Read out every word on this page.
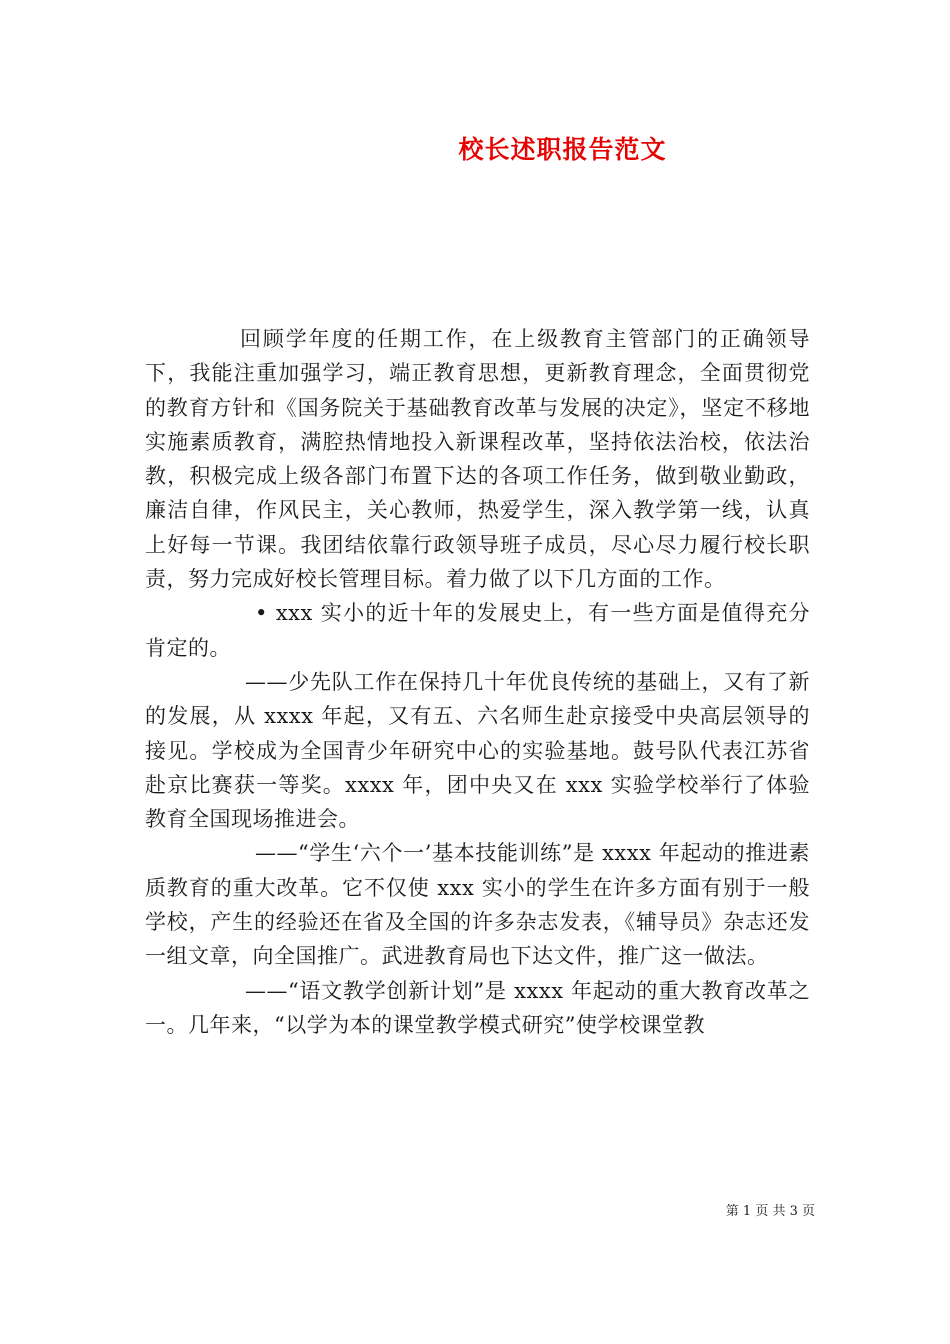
校长述职报告范文

回顾学年度的任期工作，在上级教育主管部门的正确领导下，我能注重加强学习，端正教育思想，更新教育理念，全面贯彻党的教育方针和《国务院关于基础教育改革与发展的决定》，坚定不移地实施素质教育，满腔热情地投入新课程改革，坚持依法治校，依法治教，积极完成上级各部门布置下达的各项工作任务，做到敬业勤政，廉洁自律，作风民主，关心教师，热爱学生，深入教学第一线，认真上好每一节课。我团结依靠行政领导班子成员，尽心尽力履行校长职责，努力完成好校长管理目标。着力做了以下几方面的工作。

• xxx 实小的近十年的发展史上，有一些方面是值得充分肯定的。

——少先队工作在保持几十年优良传统的基础上，又有了新的发展，从 xxxx 年起，又有五、六名师生赴京接受中央高层领导的接见。学校成为全国青少年研究中心的实验基地。鼓号队代表江苏省赴京比赛获一等奖。xxxx 年，团中央又在 xxx 实验学校举行了体验教育全国现场推进会。

——“学生‘六个一’基本技能训练”是 xxxx 年起动的推进素质教育的重大改革。它不仅使 xxx 实小的学生在许多方面有别于一般学校，产生的经验还在省及全国的许多杂志发表，《辅导员》杂志还发一组文章，向全国推广。武进教育局也下达文件，推广这一做法。

——“语文教学创新计划”是 xxxx 年起动的重大教育改革之一。几年来，“以学为本的课堂教学模式研究”使学校课堂教

第 1 页 共 3 页
